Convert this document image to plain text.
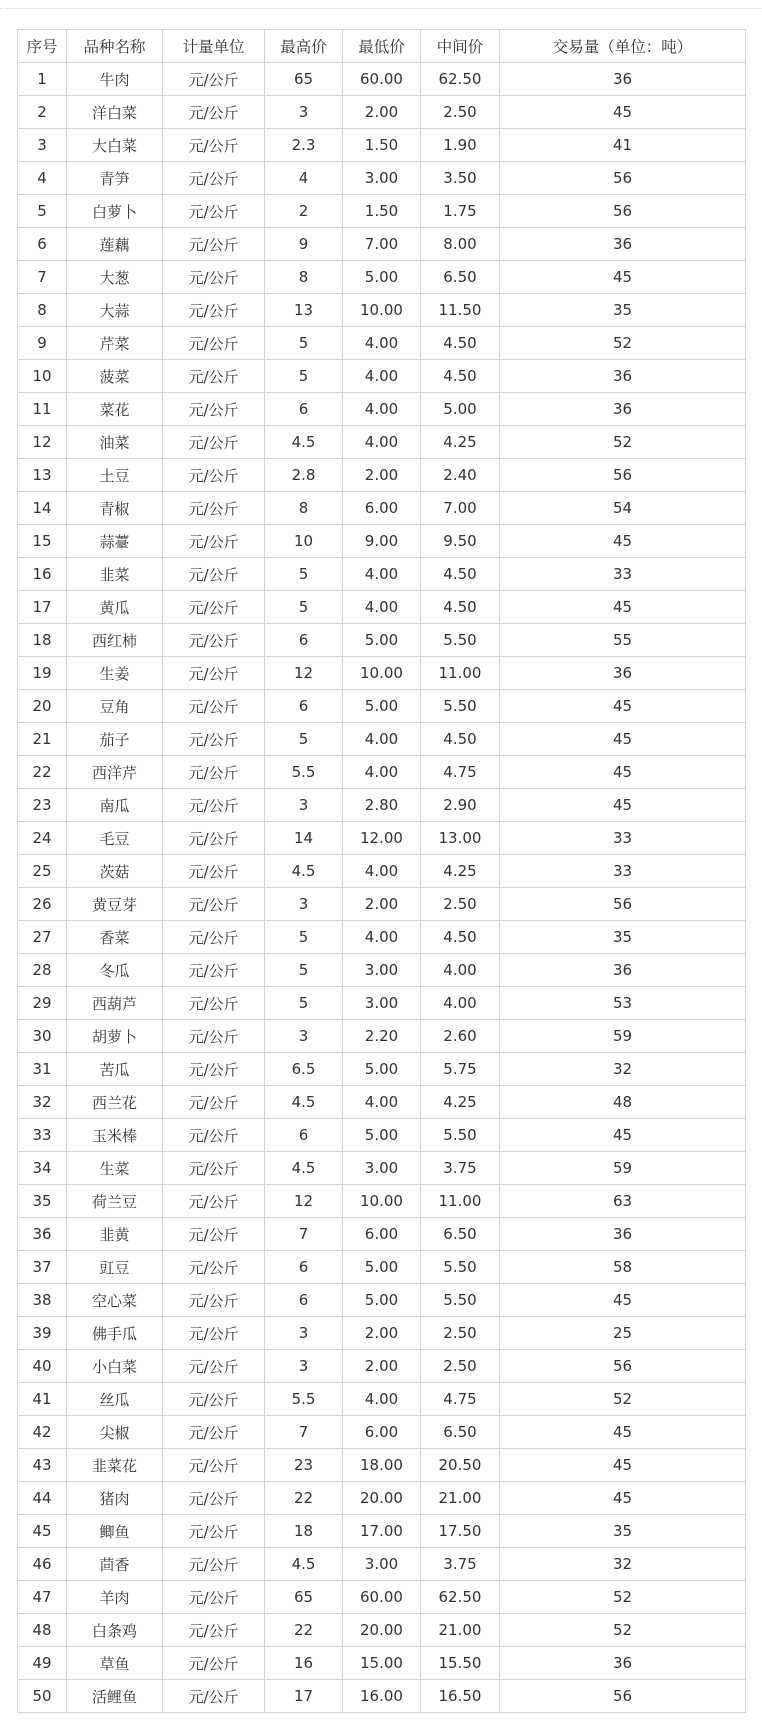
序号	品种名称	计量单位	最高价	最低价	中间价	交易量（单位：吨）
1	牛肉	元/公斤	65	60.00	62.50	36
2	洋白菜	元/公斤	3	2.00	2.50	45
3	大白菜	元/公斤	2.3	1.50	1.90	41
4	青笋	元/公斤	4	3.00	3.50	56
5	白萝卜	元/公斤	2	1.50	1.75	56
6	莲藕	元/公斤	9	7.00	8.00	36
7	大葱	元/公斤	8	5.00	6.50	45
8	大蒜	元/公斤	13	10.00	11.50	35
9	芹菜	元/公斤	5	4.00	4.50	52
10	菠菜	元/公斤	5	4.00	4.50	36
11	菜花	元/公斤	6	4.00	5.00	36
12	油菜	元/公斤	4.5	4.00	4.25	52
13	土豆	元/公斤	2.8	2.00	2.40	56
14	青椒	元/公斤	8	6.00	7.00	54
15	蒜薹	元/公斤	10	9.00	9.50	45
16	韭菜	元/公斤	5	4.00	4.50	33
17	黄瓜	元/公斤	5	4.00	4.50	45
18	西红柿	元/公斤	6	5.00	5.50	55
19	生姜	元/公斤	12	10.00	11.00	36
20	豆角	元/公斤	6	5.00	5.50	45
21	茄子	元/公斤	5	4.00	4.50	45
22	西洋芹	元/公斤	5.5	4.00	4.75	45
23	南瓜	元/公斤	3	2.80	2.90	45
24	毛豆	元/公斤	14	12.00	13.00	33
25	茨菇	元/公斤	4.5	4.00	4.25	33
26	黄豆芽	元/公斤	3	2.00	2.50	56
27	香菜	元/公斤	5	4.00	4.50	35
28	冬瓜	元/公斤	5	3.00	4.00	36
29	西葫芦	元/公斤	5	3.00	4.00	53
30	胡萝卜	元/公斤	3	2.20	2.60	59
31	苦瓜	元/公斤	6.5	5.00	5.75	32
32	西兰花	元/公斤	4.5	4.00	4.25	48
33	玉米棒	元/公斤	6	5.00	5.50	45
34	生菜	元/公斤	4.5	3.00	3.75	59
35	荷兰豆	元/公斤	12	10.00	11.00	63
36	韭黄	元/公斤	7	6.00	6.50	36
37	豇豆	元/公斤	6	5.00	5.50	58
38	空心菜	元/公斤	6	5.00	5.50	45
39	佛手瓜	元/公斤	3	2.00	2.50	25
40	小白菜	元/公斤	3	2.00	2.50	56
41	丝瓜	元/公斤	5.5	4.00	4.75	52
42	尖椒	元/公斤	7	6.00	6.50	45
43	韭菜花	元/公斤	23	18.00	20.50	45
44	猪肉	元/公斤	22	20.00	21.00	45
45	鲫鱼	元/公斤	18	17.00	17.50	35
46	茴香	元/公斤	4.5	3.00	3.75	32
47	羊肉	元/公斤	65	60.00	62.50	52
48	白条鸡	元/公斤	22	20.00	21.00	52
49	草鱼	元/公斤	16	15.00	15.50	36
50	活鲤鱼	元/公斤	17	16.00	16.50	56
